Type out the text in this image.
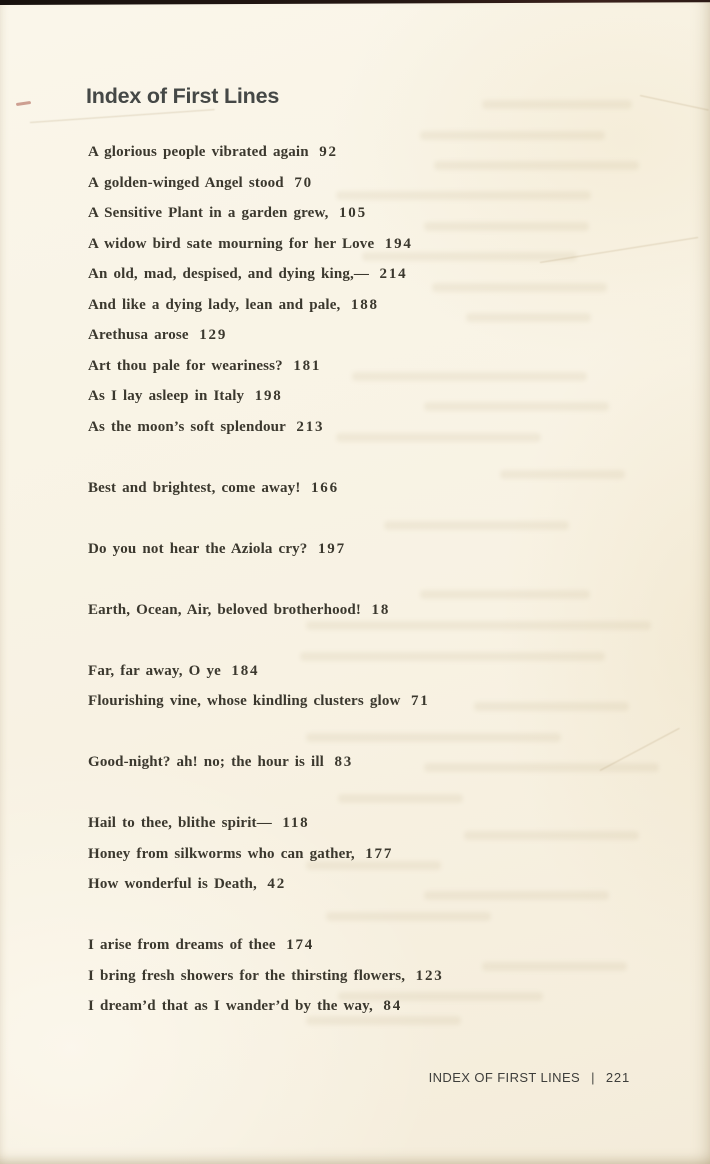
Index of First Lines
A glorious people vibrated again 92
A golden-winged Angel stood 70
A Sensitive Plant in a garden grew, 105
A widow bird sate mourning for her Love 194
An old, mad, despised, and dying king,— 214
And like a dying lady, lean and pale, 188
Arethusa arose 129
Art thou pale for weariness? 181
As I lay asleep in Italy 198
As the moon’s soft splendour 213
Best and brightest, come away! 166
Do you not hear the Aziola cry? 197
Earth, Ocean, Air, beloved brotherhood! 18
Far, far away, O ye 184
Flourishing vine, whose kindling clusters glow 71
Good-night? ah! no; the hour is ill 83
Hail to thee, blithe spirit— 118
Honey from silkworms who can gather, 177
How wonderful is Death, 42
I arise from dreams of thee 174
I bring fresh showers for the thirsting flowers, 123
I dream’d that as I wander’d by the way, 84
INDEX OF FIRST LINES | 221
